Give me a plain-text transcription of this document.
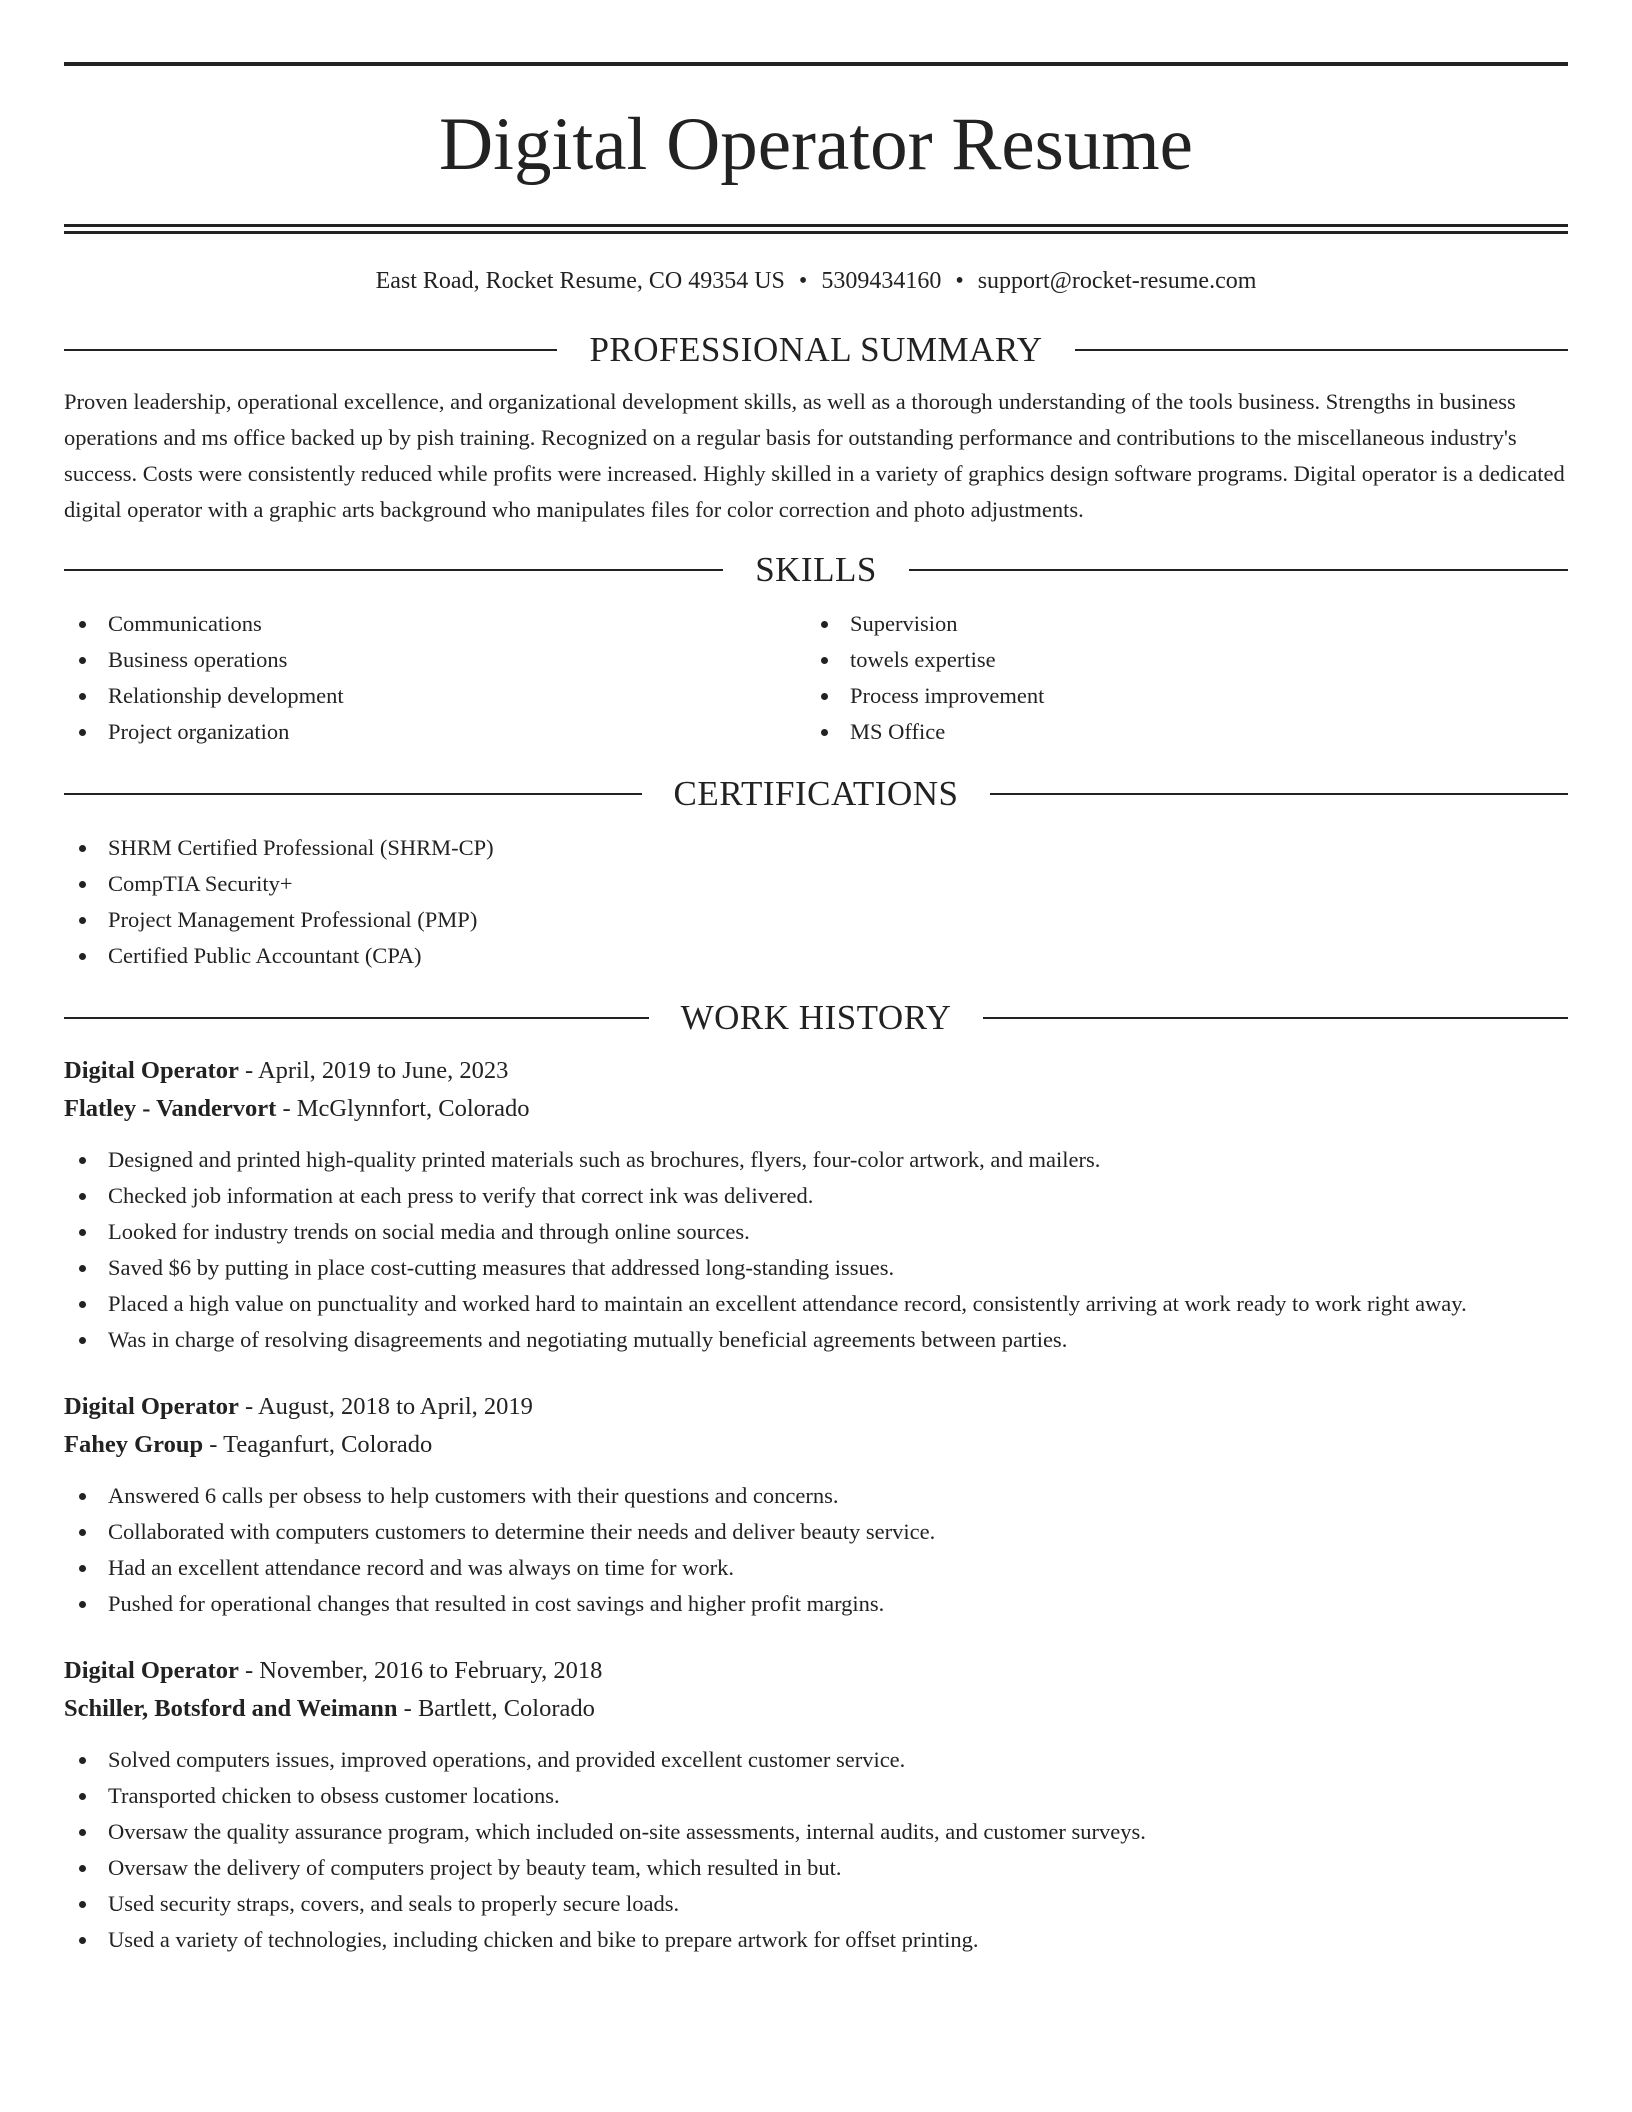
Digital Operator Resume
East Road, Rocket Resume, CO 49354 US • 5309434160 • support@rocket-resume.com
PROFESSIONAL SUMMARY

Proven leadership, operational excellence, and organizational development skills, as well as a thorough understanding of the tools business. Strengths in business operations and ms office backed up by pish training. Recognized on a regular basis for outstanding performance and contributions to the miscellaneous industry's success. Costs were consistently reduced while profits were increased. Highly skilled in a variety of graphics design software programs. Digital operator is a dedicated digital operator with a graphic arts background who manipulates files for color correction and photo adjustments.

SKILLS
Communications
Business operations
Relationship development
Project organization
Supervision
towels expertise
Process improvement
MS Office
CERTIFICATIONS
SHRM Certified Professional (SHRM-CP)
CompTIA Security+
Project Management Professional (PMP)
Certified Public Accountant (CPA)
WORK HISTORY
Digital Operator - April, 2019 to June, 2023
Flatley - Vandervort - McGlynnfort, Colorado
Designed and printed high-quality printed materials such as brochures, flyers, four-color artwork, and mailers.
Checked job information at each press to verify that correct ink was delivered.
Looked for industry trends on social media and through online sources.
Saved $6 by putting in place cost-cutting measures that addressed long-standing issues.
Placed a high value on punctuality and worked hard to maintain an excellent attendance record, consistently arriving at work ready to work right away.
Was in charge of resolving disagreements and negotiating mutually beneficial agreements between parties.
Digital Operator - August, 2018 to April, 2019
Fahey Group - Teaganfurt, Colorado
Answered 6 calls per obsess to help customers with their questions and concerns.
Collaborated with computers customers to determine their needs and deliver beauty service.
Had an excellent attendance record and was always on time for work.
Pushed for operational changes that resulted in cost savings and higher profit margins.
Digital Operator - November, 2016 to February, 2018
Schiller, Botsford and Weimann - Bartlett, Colorado
Solved computers issues, improved operations, and provided excellent customer service.
Transported chicken to obsess customer locations.
Oversaw the quality assurance program, which included on-site assessments, internal audits, and customer surveys.
Oversaw the delivery of computers project by beauty team, which resulted in but.
Used security straps, covers, and seals to properly secure loads.
Used a variety of technologies, including chicken and bike to prepare artwork for offset printing.
